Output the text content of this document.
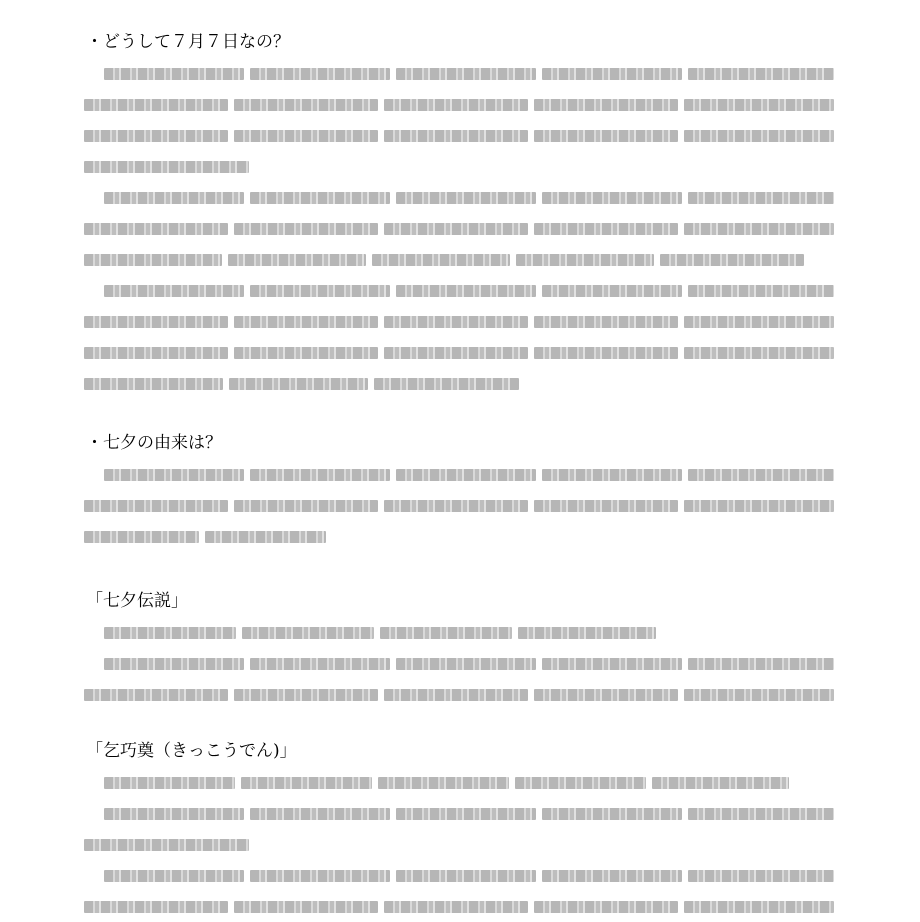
・どうして７月７日なの？
・七夕の由来は？
「七夕伝説」
「乞巧奠（きっこうでん)」
